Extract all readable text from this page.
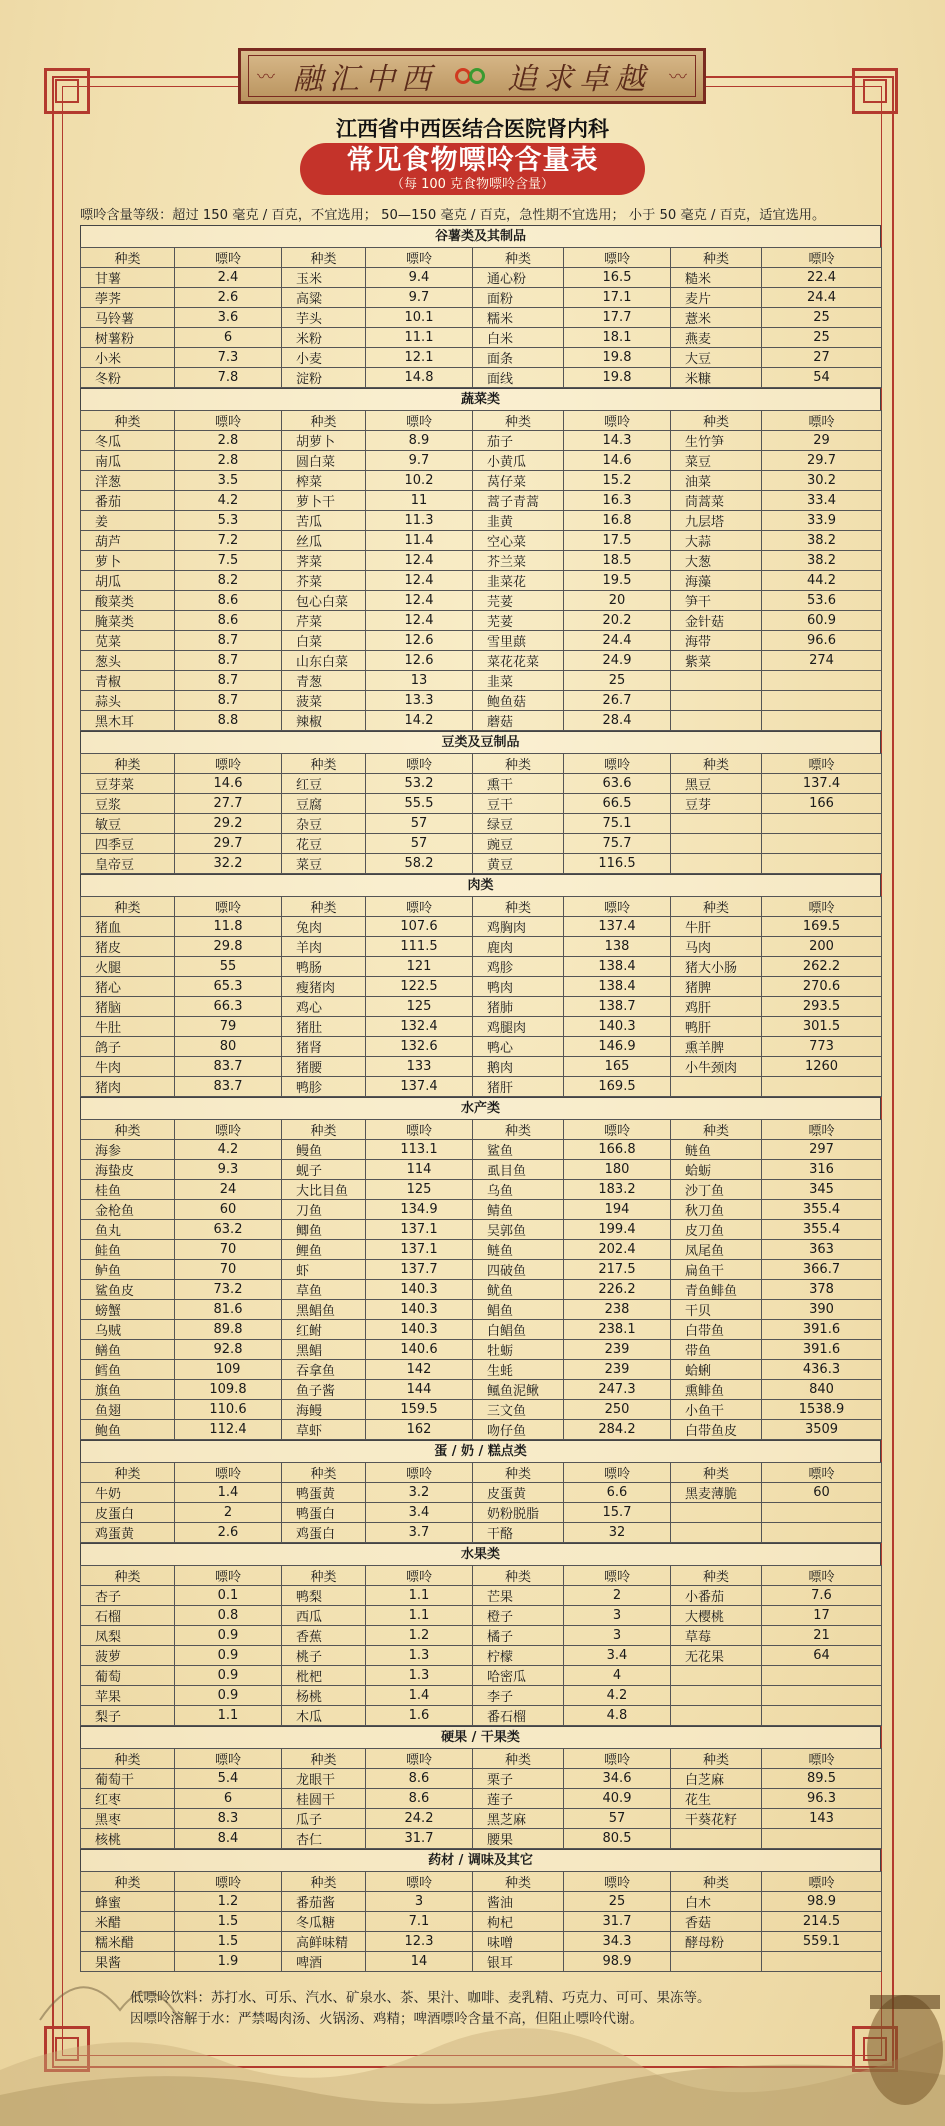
〰 融汇中西 追求卓越 〰
江西省中西医结合医院肾内科
常见食物嘌呤含量表
（每 100 克食物嘌呤含量）
嘌呤含量等级：超过 150 毫克 / 百克，不宜选用； 50—150 毫克 / 百克，急性期不宜选用； 小于 50 毫克 / 百克，适宜选用。
谷薯类及其制品
种类	嘌呤	种类	嘌呤	种类	嘌呤	种类	嘌呤
甘薯	2.4	玉米	9.4	通心粉	16.5	糙米	22.4
荸荠	2.6	高粱	9.7	面粉	17.1	麦片	24.4
马铃薯	3.6	芋头	10.1	糯米	17.7	薏米	25
树薯粉	6	米粉	11.1	白米	18.1	燕麦	25
小米	7.3	小麦	12.1	面条	19.8	大豆	27
冬粉	7.8	淀粉	14.8	面线	19.8	米糠	54
蔬菜类
种类	嘌呤	种类	嘌呤	种类	嘌呤	种类	嘌呤
冬瓜	2.8	胡萝卜	8.9	茄子	14.3	生竹笋	29
南瓜	2.8	圆白菜	9.7	小黄瓜	14.6	菜豆	29.7
洋葱	3.5	榨菜	10.2	莴仔菜	15.2	油菜	30.2
番茄	4.2	萝卜干	11	蒿子青蒿	16.3	茼蒿菜	33.4
姜	5.3	苦瓜	11.3	韭黄	16.8	九层塔	33.9
葫芦	7.2	丝瓜	11.4	空心菜	17.5	大蒜	38.2
萝卜	7.5	荠菜	12.4	芥兰菜	18.5	大葱	38.2
胡瓜	8.2	芥菜	12.4	韭菜花	19.5	海藻	44.2
酸菜类	8.6	包心白菜	12.4	芫荽	20	笋干	53.6
腌菜类	8.6	芹菜	12.4	芜荽	20.2	金针菇	60.9
苋菜	8.7	白菜	12.6	雪里蕻	24.4	海带	96.6
葱头	8.7	山东白菜	12.6	菜花花菜	24.9	紫菜	274
青椒	8.7	青葱	13	韭菜	25		
蒜头	8.7	菠菜	13.3	鲍鱼菇	26.7		
黑木耳	8.8	辣椒	14.2	蘑菇	28.4		
豆类及豆制品
种类	嘌呤	种类	嘌呤	种类	嘌呤	种类	嘌呤
豆芽菜	14.6	红豆	53.2	熏干	63.6	黑豆	137.4
豆浆	27.7	豆腐	55.5	豆干	66.5	豆芽	166
敏豆	29.2	杂豆	57	绿豆	75.1		
四季豆	29.7	花豆	57	豌豆	75.7		
皇帝豆	32.2	菜豆	58.2	黄豆	116.5		
肉类
种类	嘌呤	种类	嘌呤	种类	嘌呤	种类	嘌呤
猪血	11.8	兔肉	107.6	鸡胸肉	137.4	牛肝	169.5
猪皮	29.8	羊肉	111.5	鹿肉	138	马肉	200
火腿	55	鸭肠	121	鸡胗	138.4	猪大小肠	262.2
猪心	65.3	瘦猪肉	122.5	鸭肉	138.4	猪脾	270.6
猪脑	66.3	鸡心	125	猪肺	138.7	鸡肝	293.5
牛肚	79	猪肚	132.4	鸡腿肉	140.3	鸭肝	301.5
鸽子	80	猪肾	132.6	鸭心	146.9	熏羊脾	773
牛肉	83.7	猪腰	133	鹅肉	165	小牛颈肉	1260
猪肉	83.7	鸭胗	137.4	猪肝	169.5		
水产类
种类	嘌呤	种类	嘌呤	种类	嘌呤	种类	嘌呤
海参	4.2	鳗鱼	113.1	鲨鱼	166.8	鲢鱼	297
海蛰皮	9.3	蚬子	114	虱目鱼	180	蛤蛎	316
桂鱼	24	大比目鱼	125	乌鱼	183.2	沙丁鱼	345
金枪鱼	60	刀鱼	134.9	鲭鱼	194	秋刀鱼	355.4
鱼丸	63.2	鲫鱼	137.1	吴郭鱼	199.4	皮刀鱼	355.4
鲑鱼	70	鲤鱼	137.1	鲢鱼	202.4	凤尾鱼	363
鲈鱼	70	虾	137.7	四破鱼	217.5	扁鱼干	366.7
鲨鱼皮	73.2	草鱼	140.3	鱿鱼	226.2	青鱼鲱鱼	378
螃蟹	81.6	黑鲳鱼	140.3	鲳鱼	238	干贝	390
乌贼	89.8	红鲋	140.3	白鲳鱼	238.1	白带鱼	391.6
鳝鱼	92.8	黑鲳	140.6	牡蛎	239	带鱼	391.6
鳕鱼	109	吞拿鱼	142	生蚝	239	蛤蜊	436.3
旗鱼	109.8	鱼子酱	144	鲺鱼泥鳅	247.3	熏鲱鱼	840
鱼翅	110.6	海鳗	159.5	三文鱼	250	小鱼干	1538.9
鲍鱼	112.4	草虾	162	吻仔鱼	284.2	白带鱼皮	3509
蛋 / 奶 / 糕点类
种类	嘌呤	种类	嘌呤	种类	嘌呤	种类	嘌呤
牛奶	1.4	鸭蛋黄	3.2	皮蛋黄	6.6	黑麦薄脆	60
皮蛋白	2	鸭蛋白	3.4	奶粉脱脂	15.7		
鸡蛋黄	2.6	鸡蛋白	3.7	干酪	32		
水果类
种类	嘌呤	种类	嘌呤	种类	嘌呤	种类	嘌呤
杏子	0.1	鸭梨	1.1	芒果	2	小番茄	7.6
石榴	0.8	西瓜	1.1	橙子	3	大樱桃	17
凤梨	0.9	香蕉	1.2	橘子	3	草莓	21
菠萝	0.9	桃子	1.3	柠檬	3.4	无花果	64
葡萄	0.9	枇杷	1.3	哈密瓜	4		
苹果	0.9	杨桃	1.4	李子	4.2		
梨子	1.1	木瓜	1.6	番石榴	4.8		
硬果 / 干果类
种类	嘌呤	种类	嘌呤	种类	嘌呤	种类	嘌呤
葡萄干	5.4	龙眼干	8.6	栗子	34.6	白芝麻	89.5
红枣	6	桂圆干	8.6	莲子	40.9	花生	96.3
黑枣	8.3	瓜子	24.2	黑芝麻	57	干葵花籽	143
核桃	8.4	杏仁	31.7	腰果	80.5		
药材 / 调味及其它
种类	嘌呤	种类	嘌呤	种类	嘌呤	种类	嘌呤
蜂蜜	1.2	番茄酱	3	酱油	25	白木	98.9
米醋	1.5	冬瓜糖	7.1	枸杞	31.7	香菇	214.5
糯米醋	1.5	高鲜味精	12.3	味噌	34.3	酵母粉	559.1
果酱	1.9	啤酒	14	银耳	98.9		
低嘌呤饮料：苏打水、可乐、汽水、矿泉水、茶、果汁、咖啡、麦乳精、巧克力、可可、果冻等。
因嘌呤溶解于水：严禁喝肉汤、火锅汤、鸡精；啤酒嘌呤含量不高，但阻止嘌呤代谢。
